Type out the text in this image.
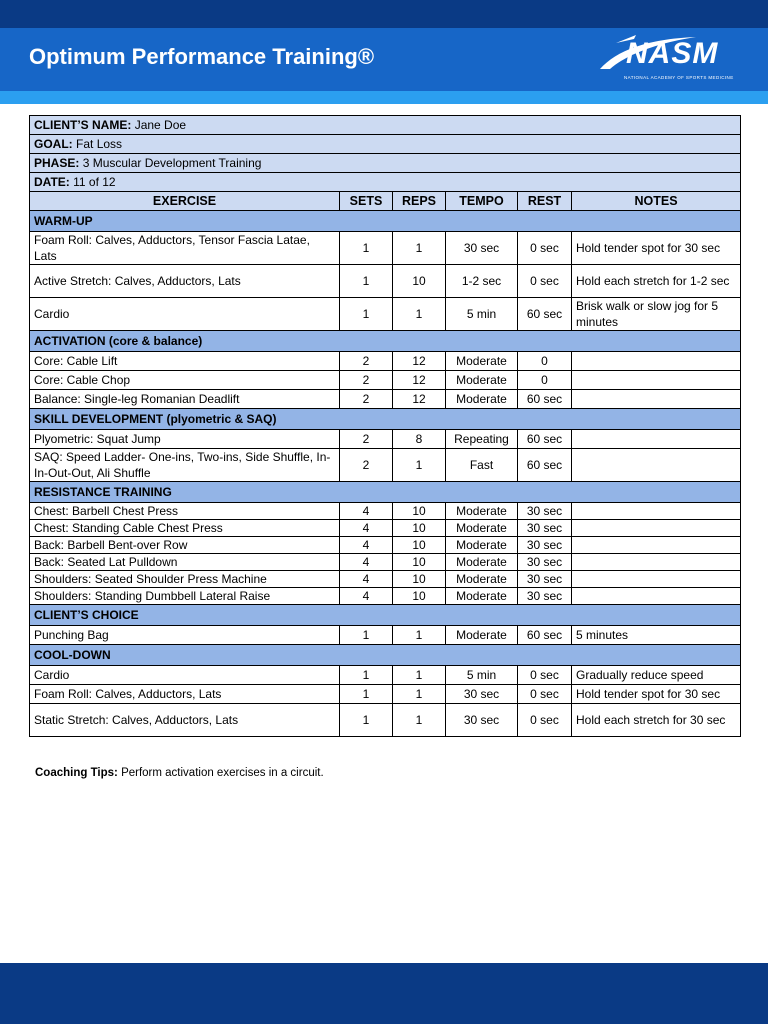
Optimum Performance Training®	NASM
NATIONAL ACADEMY OF SPORTS MEDICINE
CLIENT’S NAME: Jane Doe					
GOAL: Fat Loss					
PHASE: 3 Muscular Development Training					
DATE: 11 of 12					
EXERCISE	SETS	REPS	TEMPO	REST	NOTES
WARM-UP					
Foam Roll: Calves, Adductors, Tensor Fascia Latae, Lats	1	1	30 sec	0 sec	Hold tender spot for 30 sec
Active Stretch: Calves, Adductors, Lats	1	10	1-2 sec	0 sec	Hold each stretch for 1-2 sec
Cardio	1	1	5 min	60 sec	Brisk walk or slow jog for 5 minutes
ACTIVATION (core & balance)					
Core: Cable Lift	2	12	Moderate	0	
Core: Cable Chop	2	12	Moderate	0	
Balance: Single-leg Romanian Deadlift	2	12	Moderate	60 sec	
SKILL DEVELOPMENT (plyometric & SAQ)					
Plyometric: Squat Jump	2	8	Repeating	60 sec	
SAQ: Speed Ladder- One-ins, Two-ins, Side Shuffle, In-In-Out-Out, Ali Shuffle	2	1	Fast	60 sec	
RESISTANCE TRAINING					
Chest: Barbell Chest Press	4	10	Moderate	30 sec	
Chest: Standing Cable Chest Press	4	10	Moderate	30 sec	
Back: Barbell Bent-over Row	4	10	Moderate	30 sec	
Back: Seated Lat Pulldown	4	10	Moderate	30 sec	
Shoulders: Seated Shoulder Press Machine	4	10	Moderate	30 sec	
Shoulders: Standing Dumbbell Lateral Raise	4	10	Moderate	30 sec	
CLIENT’S CHOICE					
Punching Bag	1	1	Moderate	60 sec	5 minutes
COOL-DOWN					
Cardio	1	1	5 min	0 sec	Gradually reduce speed
Foam Roll: Calves, Adductors, Lats	1	1	30 sec	0 sec	Hold tender spot for 30 sec
Static Stretch: Calves, Adductors, Lats	1	1	30 sec	0 sec	Hold each stretch for 30 sec
Coaching Tips: Perform activation exercises in a circuit.
